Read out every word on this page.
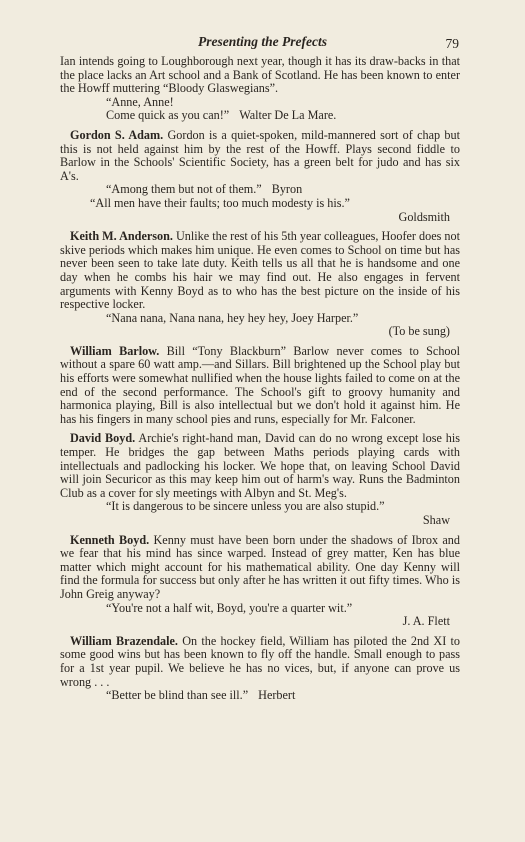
Presenting the Prefects	79

Ian intends going to Loughborough next year, though it has its draw-backs in that the place lacks an Art school and a Bank of Scotland. He has been known to enter the Howff muttering “Bloody Glaswegians”.

“Anne, Anne!

Come quick as you can!” Walter De La Mare.

Gordon S. Adam. Gordon is a quiet-spoken, mild-mannered sort of chap but this is not held against him by the rest of the Howff. Plays second fiddle to Barlow in the Schools' Scientific Society, has a green belt for judo and has six A's.

“Among them but not of them.” Byron

“All men have their faults; too much modesty is his.”

Goldsmith

Keith M. Anderson. Unlike the rest of his 5th year colleagues, Hoofer does not skive periods which makes him unique. He even comes to School on time but has never been seen to take late duty. Keith tells us all that he is handsome and one day when he combs his hair we may find out. He also engages in fervent arguments with Kenny Boyd as to who has the best picture on the inside of his respective locker.

“Nana nana, Nana nana, hey hey hey, Joey Harper.”

(To be sung)

William Barlow. Bill “Tony Blackburn” Barlow never comes to School without a spare 60 watt amp.—and Sillars. Bill brightened up the School play but his efforts were somewhat nullified when the house lights failed to come on at the end of the second performance. The School's gift to groovy humanity and harmonica playing, Bill is also intellectual but we don't hold it against him. He has his fingers in many school pies and runs, especially for Mr. Falconer.

David Boyd. Archie's right-hand man, David can do no wrong except lose his temper. He bridges the gap between Maths periods playing cards with intellectuals and padlocking his locker. We hope that, on leaving School David will join Securicor as this may keep him out of harm's way. Runs the Badminton Club as a cover for sly meetings with Albyn and St. Meg's.

“It is dangerous to be sincere unless you are also stupid.”

Shaw

Kenneth Boyd. Kenny must have been born under the shadows of Ibrox and we fear that his mind has since warped. Instead of grey matter, Ken has blue matter which might account for his mathematical ability. One day Kenny will find the formula for success but only after he has written it out fifty times. Who is John Greig anyway?

“You're not a half wit, Boyd, you're a quarter wit.”

J. A. Flett

William Brazendale. On the hockey field, William has piloted the 2nd XI to some good wins but has been known to fly off the handle. Small enough to pass for a 1st year pupil. We believe he has no vices, but, if anyone can prove us wrong . . .

“Better be blind than see ill.” Herbert
